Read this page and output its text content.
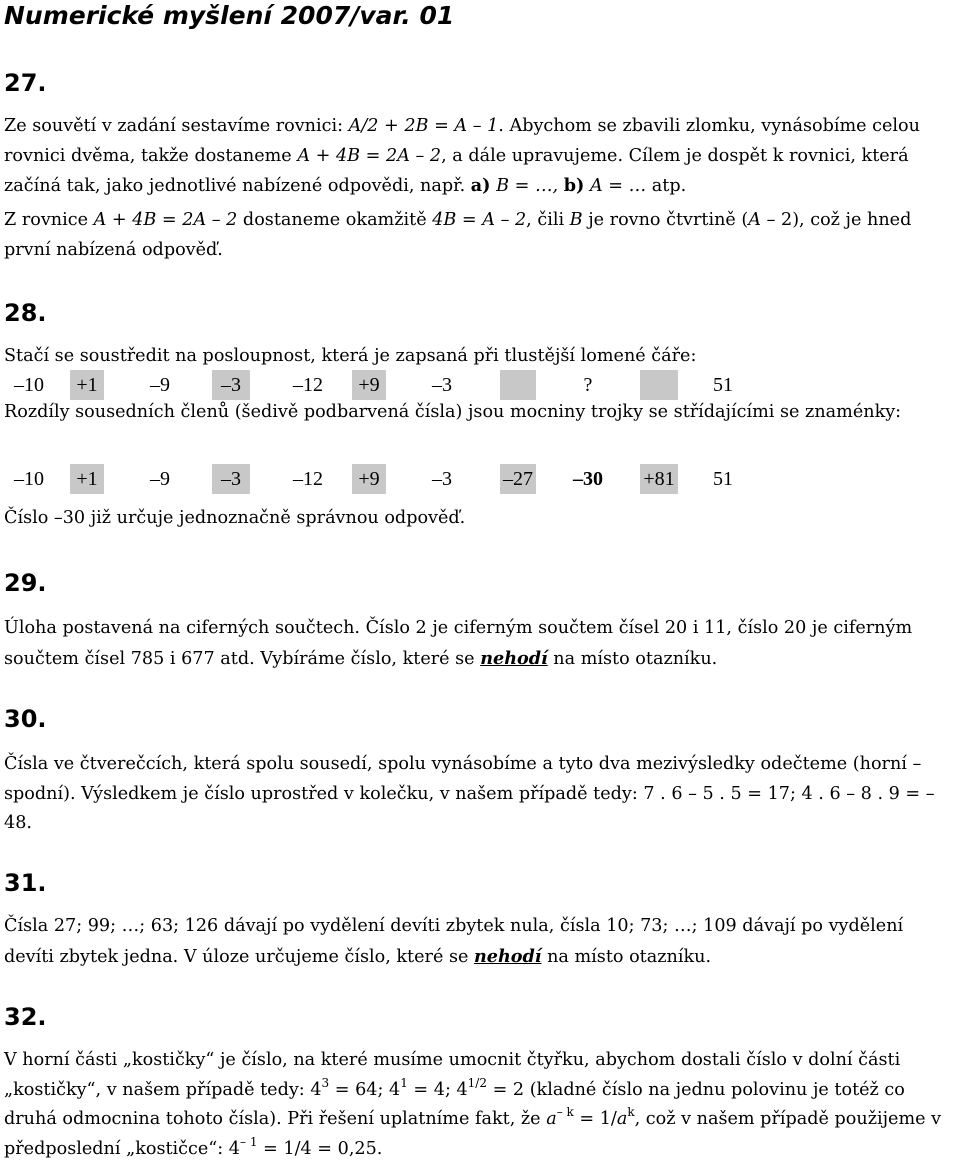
Numerické myšlení 2007/var. 01
27.

Ze souvětí v zadání sestavíme rovnici: A/2 + 2B = A – 1. Abychom se zbavili zlomku, vynásobíme celou rovnici dvěma, takže dostaneme A + 4B = 2A – 2, a dále upravujeme. Cílem je dospět k rovnici, která začíná tak, jako jednotlivé nabízené odpovědi, např. a) B = …, b) A = … atp.

Z rovnice A + 4B = 2A – 2 dostaneme okamžitě 4B = A – 2, čili B je rovno čtvrtině (A – 2), což je hned první nabízená odpověď.

28.

Stačí se soustředit na posloupnost, která je zapsaná při tlustější lomené čáře:

–10	+1	–9	–3	–12	+9	–3	?	51

Rozdíly sousedních členů (šedivě podbarvená čísla) jsou mocniny trojky se střídajícími se znaménky:

–10	+1	–9	–3	–12	+9	–3	–27	–30	+81	51

Číslo –30 již určuje jednoznačně správnou odpověď.

29.

Úloha postavená na ciferných součtech. Číslo 2 je ciferným součtem čísel 20 i 11, číslo 20 je ciferným součtem čísel 785 i 677 atd. Vybíráme číslo, které se nehodí na místo otazníku.

30.

Čísla ve čtverečcích, která spolu sousedí, spolu vynásobíme a tyto dva mezivýsledky odečteme (horní – spodní). Výsledkem je číslo uprostřed v kolečku, v našem případě tedy: 7 . 6 – 5 . 5 = 17; 4 . 6 – 8 . 9 = – 48.

31.

Čísla 27; 99; …; 63; 126 dávají po vydělení devíti zbytek nula, čísla 10; 73; …; 109 dávají po vydělení devíti zbytek jedna. V úloze určujeme číslo, které se nehodí na místo otazníku.

32.

V horní části „kostičky“ je číslo, na které musíme umocnit čtyřku, abychom dostali číslo v dolní části „kostičky“, v našem případě tedy: $4^3 = 64$; $4^1 = 4$; $4^{1/2} = 2$ (kladné číslo na jednu polovinu je totéž co druhá odmocnina tohoto čísla). Při řešení uplatníme fakt, že $a^{- k} = 1/a^k$, což v našem případě použijeme v předposlední „kostičce“: $4^{- 1} = 1/4 = 0,25$.
